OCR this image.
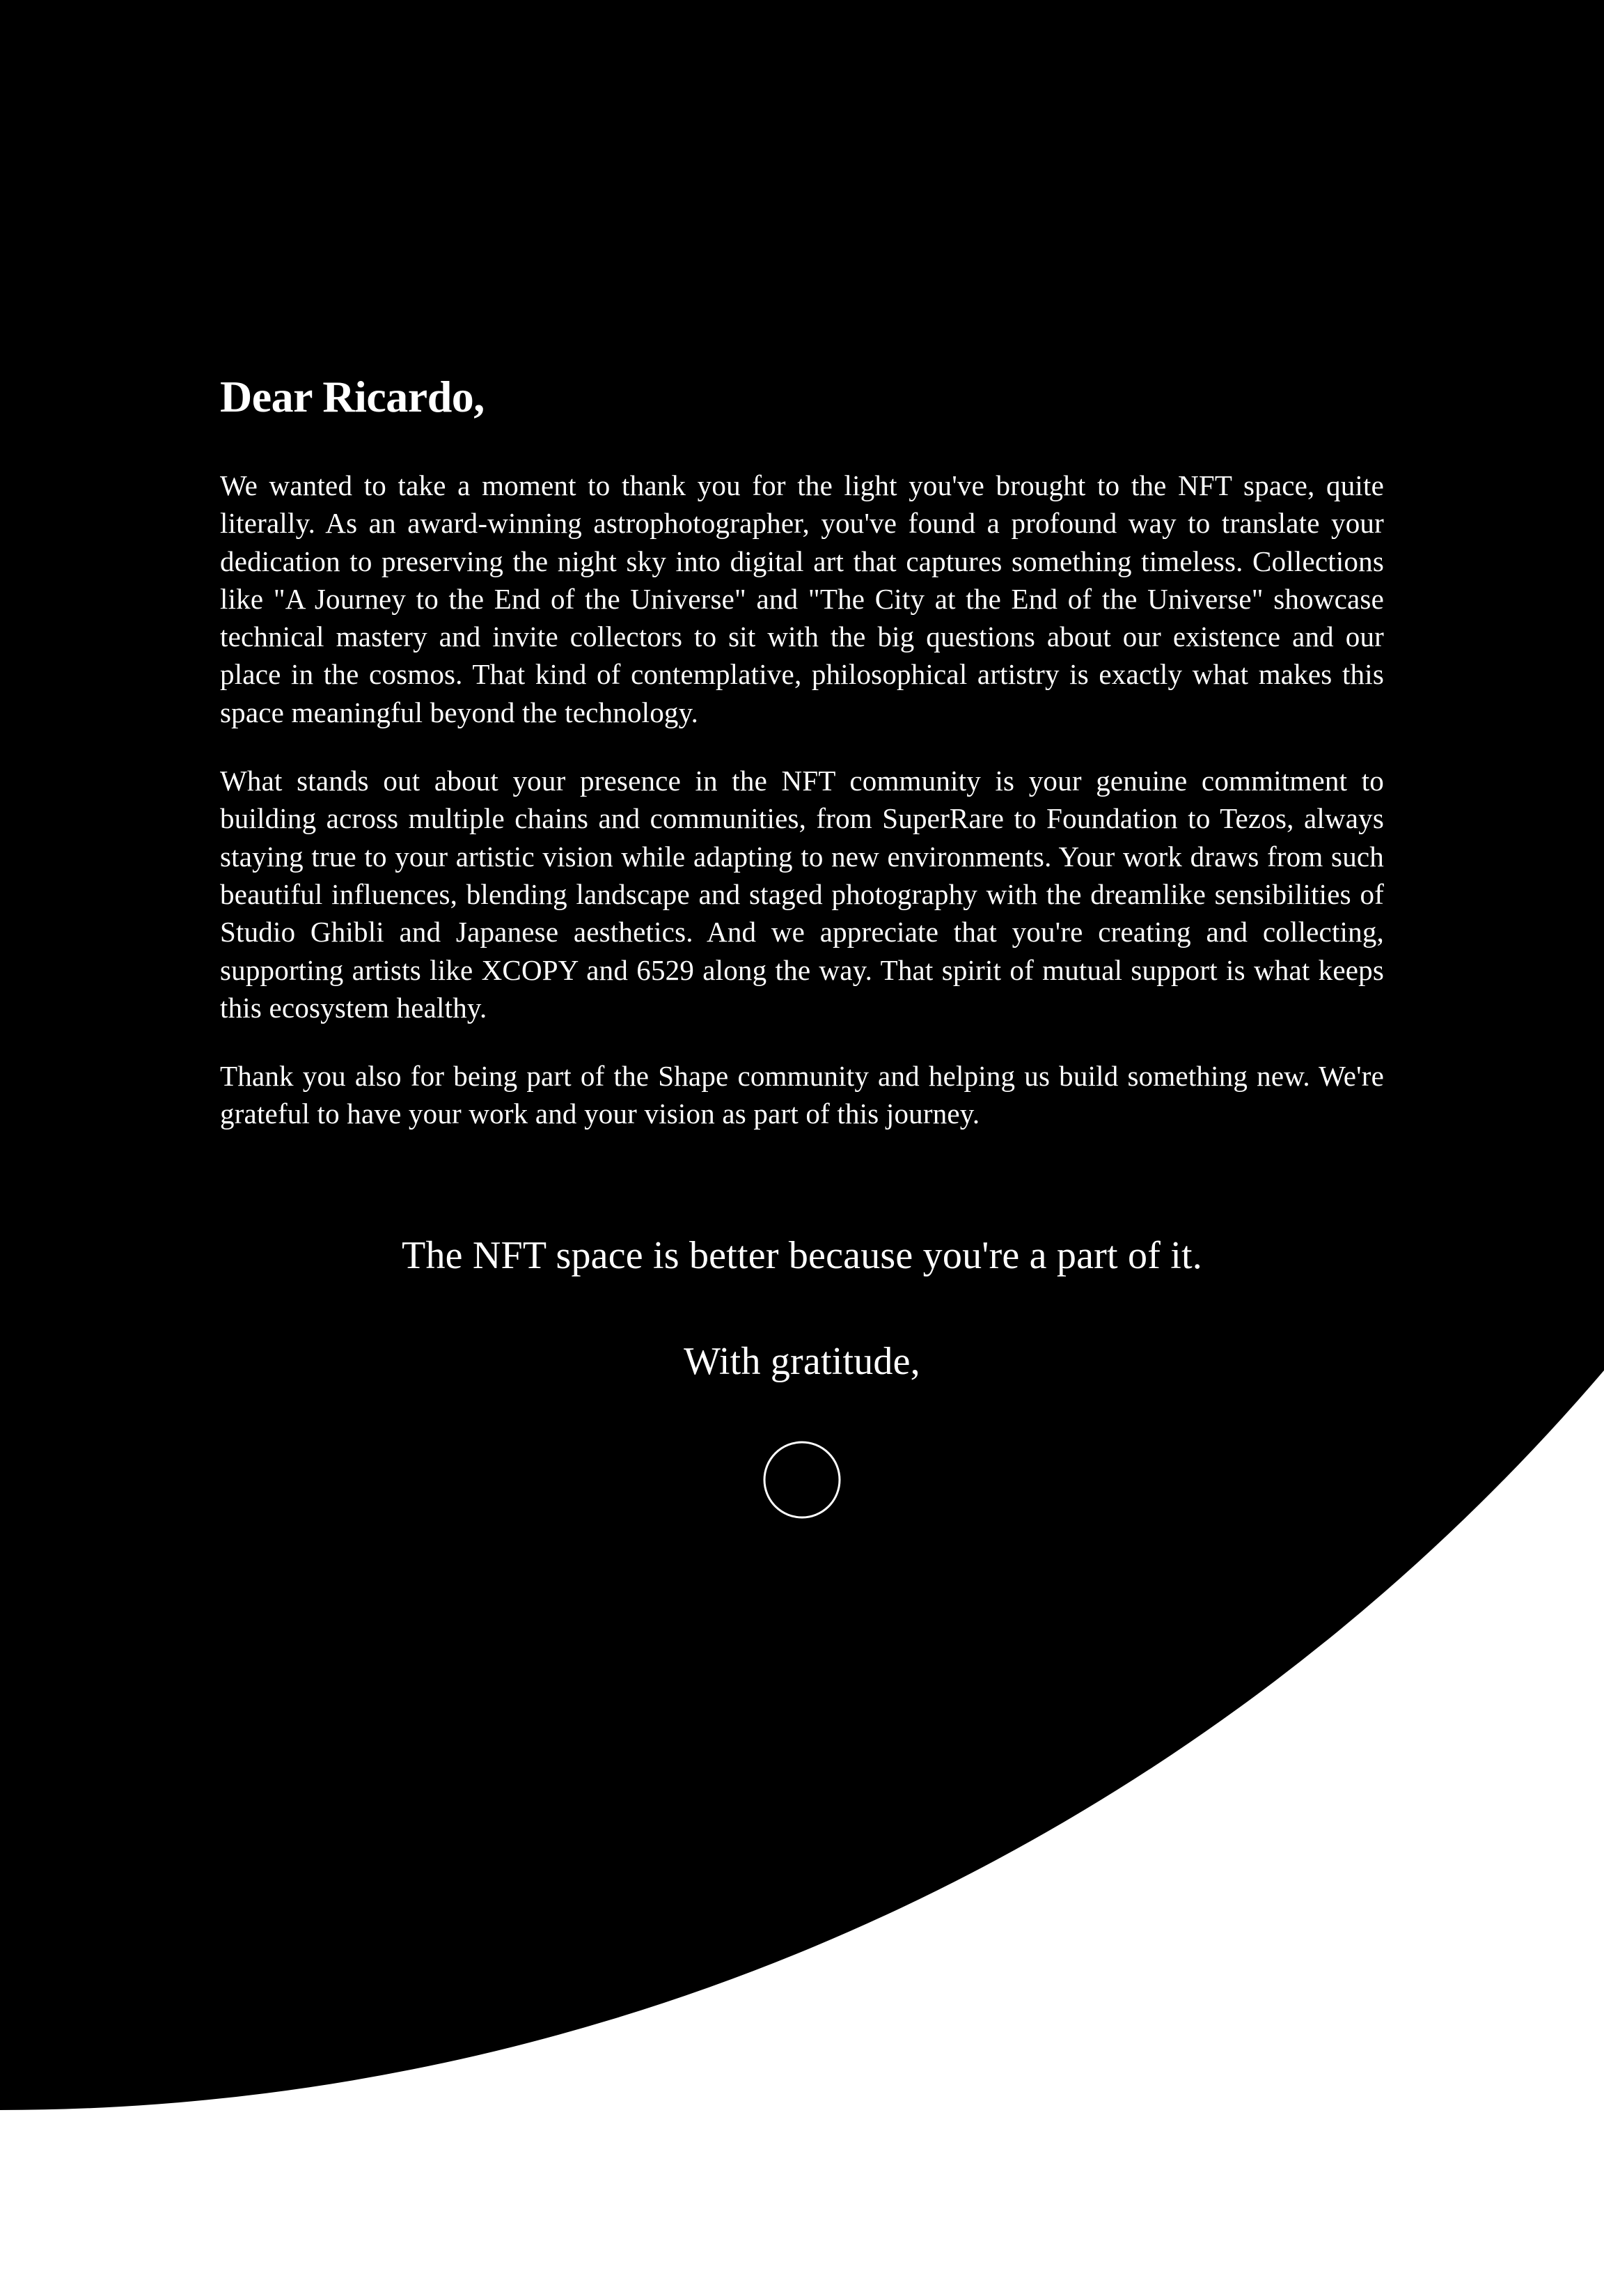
Dear Ricardo,

We wanted to take a moment to thank you for the light you've brought to the NFT space, quite literally. As an award-winning astrophotographer, you've found a profound way to translate your dedication to preserving the night sky into digital art that captures something timeless. Collections like "A Journey to the End of the Universe" and "The City at the End of the Universe" showcase technical mastery and invite collectors to sit with the big questions about our existence and our place in the cosmos. That kind of contemplative, philosophical artistry is exactly what makes this space meaningful beyond the technology.

What stands out about your presence in the NFT community is your genuine commitment to building across multiple chains and communities, from SuperRare to Foundation to Tezos, always staying true to your artistic vision while adapting to new environments. Your work draws from such beautiful influences, blending landscape and staged photography with the dreamlike sensibilities of Studio Ghibli and Japanese aesthetics. And we appreciate that you're creating and collecting, supporting artists like XCOPY and 6529 along the way. That spirit of mutual support is what keeps this ecosystem healthy.

Thank you also for being part of the Shape community and helping us build something new. We're grateful to have your work and your vision as part of this journey.

The NFT space is better because you're a part of it.

With gratitude,
